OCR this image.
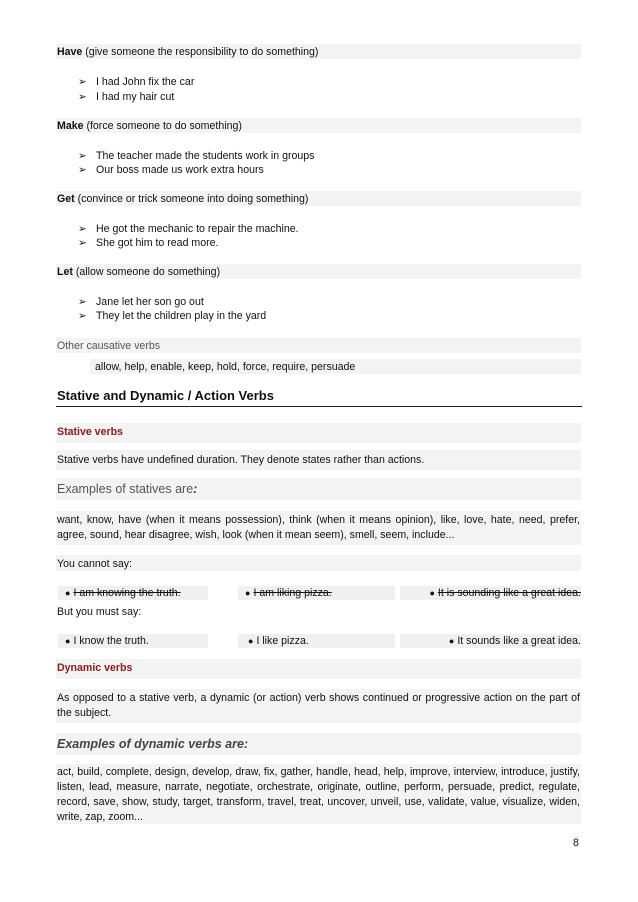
Have (give someone the responsibility to do something)
➢ I had John fix the car
➢ I had my hair cut
Make (force someone to do something)
➢ The teacher made the students work in groups
➢ Our boss made us work extra hours
Get (convince or trick someone into doing something)
➢ He got the mechanic to repair the machine.
➢ She got him to read more.
Let (allow someone do something)
➢ Jane let her son go out
➢ They let the children play in the yard
Other causative verbs
allow, help, enable, keep, hold, force, require, persuade
Stative and Dynamic / Action Verbs
Stative verbs
Stative verbs have undefined duration. They denote states rather than actions.
Examples of statives are:
want, know, have (when it means possession), think (when it means opinion), like, love, hate, need, prefer, agree, sound, hear disagree, wish, look (when it mean seem), smell, seem, include...
You cannot say:
● I am knowing the truth.	● I am liking pizza.	● It is sounding like a great idea.
But you must say:
● I know the truth.	● I like pizza.	● It sounds like a great idea.
Dynamic verbs
As opposed to a stative verb, a dynamic (or action) verb shows continued or progressive action on the part of the subject.
Examples of dynamic verbs are:
act, build, complete, design, develop, draw, fix, gather, handle, head, help, improve, interview, introduce, justify, listen, lead, measure, narrate, negotiate, orchestrate, originate, outline, perform, persuade, predict, regulate, record, save, show, study, target, transform, travel, treat, uncover, unveil, use, validate, value, visualize, widen, write, zap, zoom...
8
